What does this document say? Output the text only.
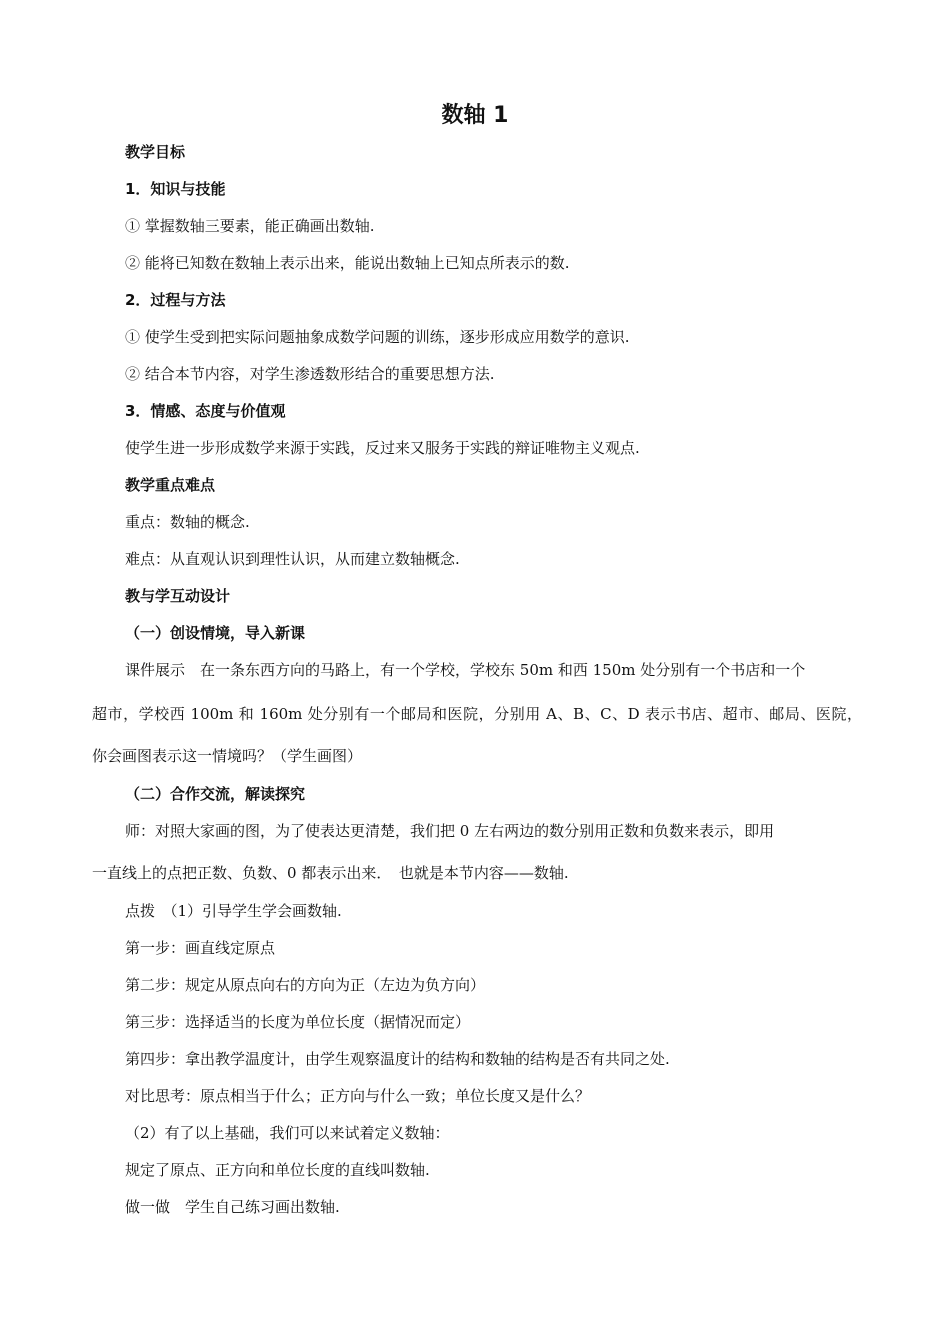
数轴 1
教学目标
1．知识与技能
① 掌握数轴三要素，能正确画出数轴.
② 能将已知数在数轴上表示出来，能说出数轴上已知点所表示的数.
2．过程与方法
① 使学生受到把实际问题抽象成数学问题的训练，逐步形成应用数学的意识.
② 结合本节内容，对学生渗透数形结合的重要思想方法.
3．情感、态度与价值观
使学生进一步形成数学来源于实践，反过来又服务于实践的辩证唯物主义观点.
教学重点难点
重点：数轴的概念.
难点：从直观认识到理性认识，从而建立数轴概念.
教与学互动设计
（一）创设情境，导入新课
课件展示　在一条东西方向的马路上，有一个学校，学校东 50m 和西 150m 处分别有一个书店和一个
超市，学校西 100m 和 160m 处分别有一个邮局和医院，分别用 A、B、C、D 表示书店、超市、邮局、医院，
你会画图表示这一情境吗？（学生画图）
（二）合作交流，解读探究
师：对照大家画的图，为了使表达更清楚，我们把 0 左右两边的数分别用正数和负数来表示，即用
一直线上的点把正数、负数、0 都表示出来．　也就是本节内容——数轴.
点拨　（1）引导学生学会画数轴.
第一步：画直线定原点
第二步：规定从原点向右的方向为正（左边为负方向）
第三步：选择适当的长度为单位长度（据情况而定）
第四步：拿出教学温度计，由学生观察温度计的结构和数轴的结构是否有共同之处.
对比思考：原点相当于什么；正方向与什么一致；单位长度又是什么？
（2）有了以上基础，我们可以来试着定义数轴：
规定了原点、正方向和单位长度的直线叫数轴.
做一做　学生自己练习画出数轴.
